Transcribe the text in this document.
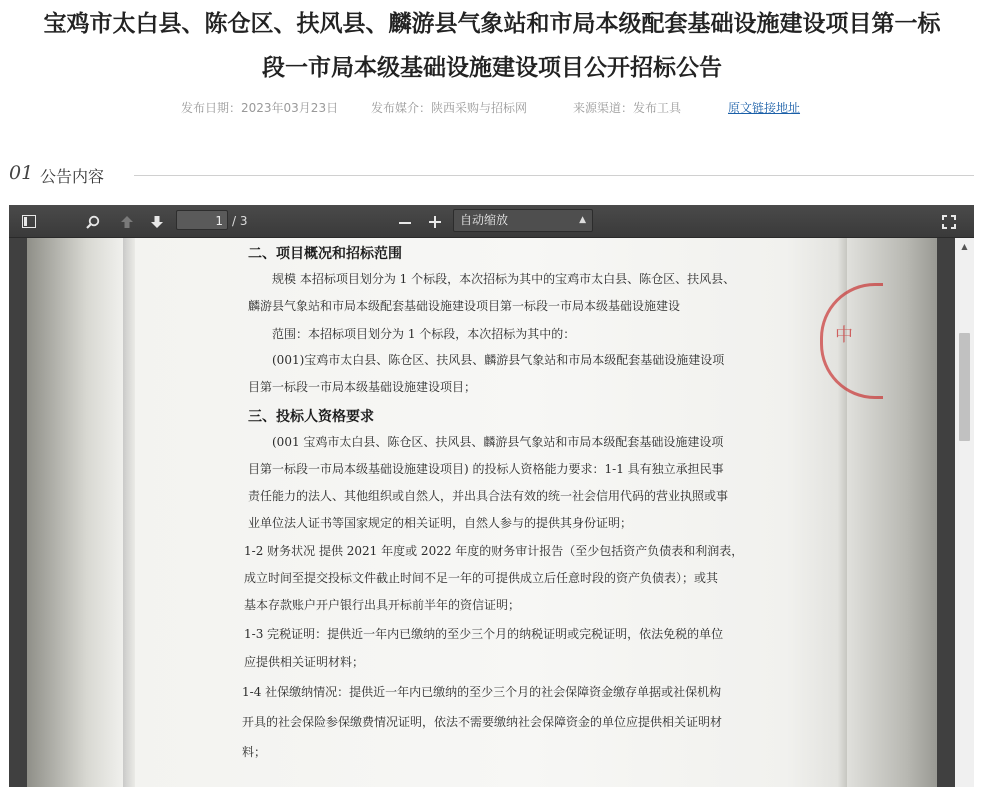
宝鸡市太白县、陈仓区、扶风县、麟游县气象站和市局本级配套基础设施建设项目第一标
段一市局本级基础设施建设项目公开招标公告
发布日期：2023年03月23日	发布媒介：陕西采购与招标网	来源渠道：发布工具	原文链接地址
01 公告内容
1 / 3	自动缩放	▲

中
二、项目概况和招标范围
规模 本招标项目划分为 1 个标段，本次招标为其中的宝鸡市太白县、陈仓区、扶风县、
麟游县气象站和市局本级配套基础设施建设项目第一标段一市局本级基础设施建设
范围：本招标项目划分为 1 个标段，本次招标为其中的：
(001)宝鸡市太白县、陈仓区、扶风县、麟游县气象站和市局本级配套基础设施建设项
目第一标段一市局本级基础设施建设项目；
三、投标人资格要求
(001 宝鸡市太白县、陈仓区、扶风县、麟游县气象站和市局本级配套基础设施建设项
目第一标段一市局本级基础设施建设项目) 的投标人资格能力要求：1-1 具有独立承担民事
责任能力的法人、其他组织或自然人，并出具合法有效的统一社会信用代码的营业执照或事
业单位法人证书等国家规定的相关证明，自然人参与的提供其身份证明；
1-2 财务状况 提供 2021 年度或 2022 年度的财务审计报告（至少包括资产负债表和利润表，
成立时间至提交投标文件截止时间不足一年的可提供成立后任意时段的资产负债表）；或其
基本存款账户开户银行出具开标前半年的资信证明；
1-3 完税证明：提供近一年内已缴纳的至少三个月的纳税证明或完税证明，依法免税的单位
应提供相关证明材料；
1-4 社保缴纳情况：提供近一年内已缴纳的至少三个月的社会保障资金缴存单据或社保机构
开具的社会保险参保缴费情况证明，依法不需要缴纳社会保障资金的单位应提供相关证明材
料；
▲
